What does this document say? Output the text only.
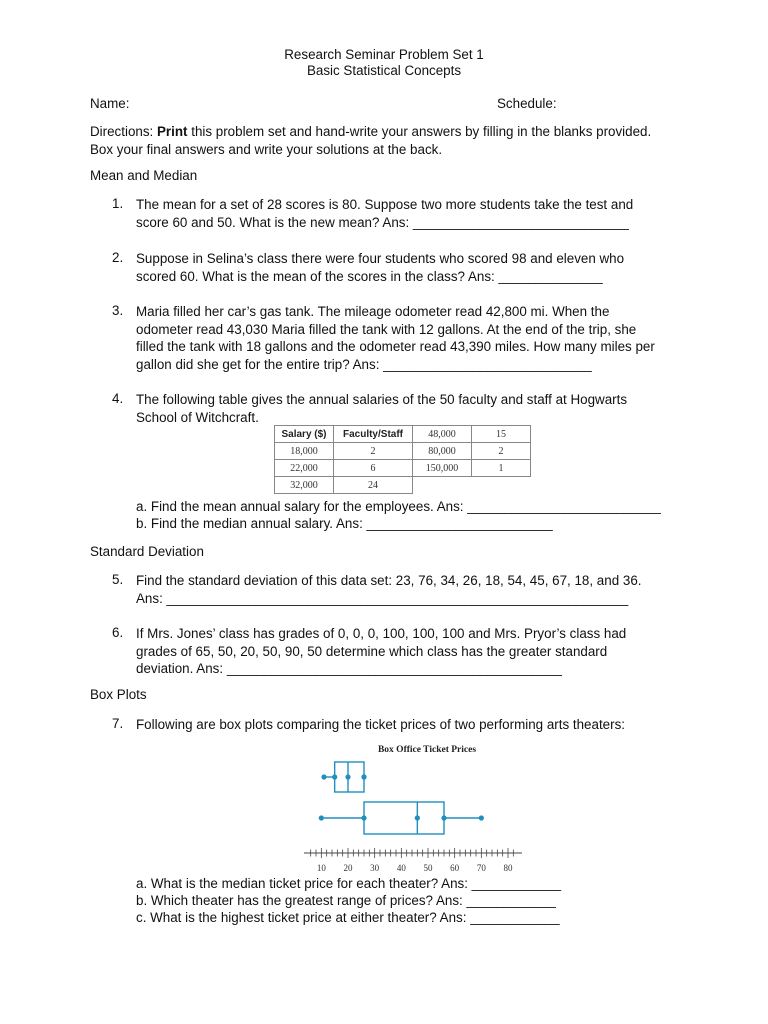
Research Seminar Problem Set 1
Basic Statistical Concepts
Name:	Schedule:
Directions: Print this problem set and hand-write your answers by filling in the blanks provided.
Box your final answers and write your solutions at the back.
Mean and Median
1. The mean for a set of 28 scores is 80. Suppose two more students take the test and
score 60 and 50. What is the new mean? Ans: _____________________________
2. Suppose in Selina’s class there were four students who scored 98 and eleven who
scored 60. What is the mean of the scores in the class? Ans: ______________
3. Maria filled her car’s gas tank. The mileage odometer read 42,800 mi. When the
odometer read 43,030 Maria filled the tank with 12 gallons. At the end of the trip, she
filled the tank with 18 gallons and the odometer read 43,390 miles. How many miles per
gallon did she get for the entire trip? Ans: ____________________________
4. The following table gives the annual salaries of the 50 faculty and staff at Hogwarts
School of Witchcraft.
Salary ($)	Faculty/Staff	48,000	15
18,000	2	80,000	2
22,000	6	150,000	1
32,000	24		
a. Find the mean annual salary for the employees. Ans: __________________________
b. Find the median annual salary. Ans: _________________________
Standard Deviation
5. Find the standard deviation of this data set: 23, 76, 34, 26, 18, 54, 45, 67, 18, and 36.
Ans: ______________________________________________________________
6. If Mrs. Jones’ class has grades of 0, 0, 0, 100, 100, 100 and Mrs. Pryor’s class had
grades of 65, 50, 20, 50, 90, 50 determine which class has the greater standard
deviation. Ans: _____________________________________________
Box Plots
7. Following are box plots comparing the ticket prices of two performing arts theaters:
Box Office Ticket Prices
10 20 30 40 50 60 70 80
a. What is the median ticket price for each theater? Ans: ____________
b. Which theater has the greatest range of prices? Ans: ____________
c. What is the highest ticket price at either theater? Ans: ____________
